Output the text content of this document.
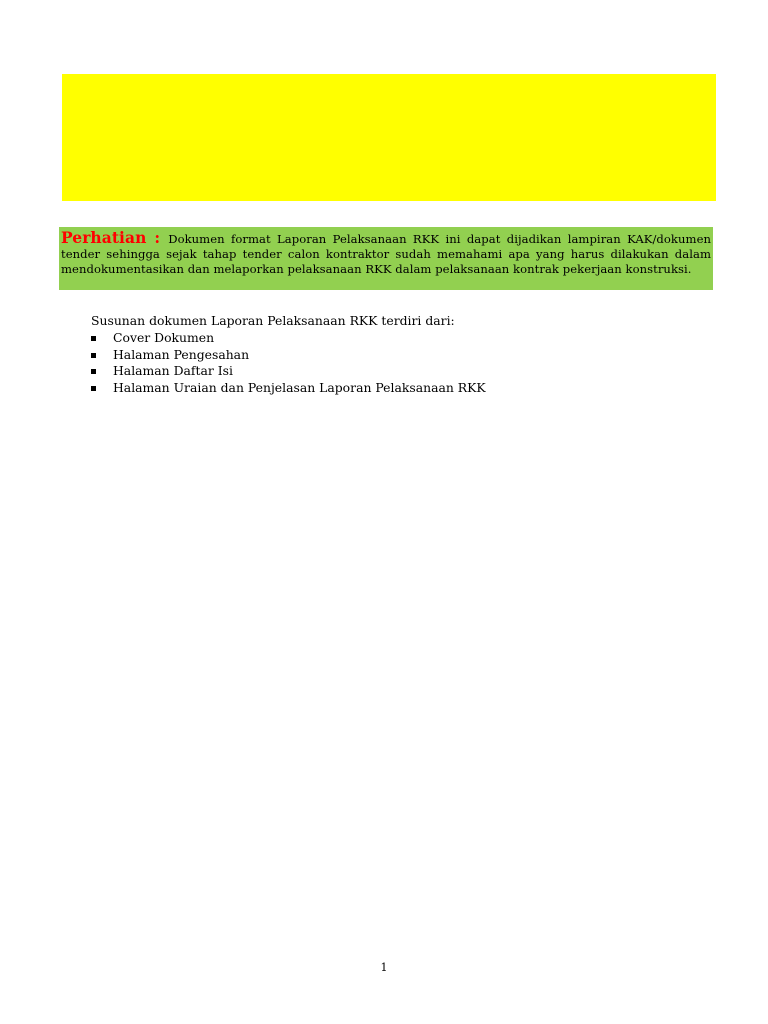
Perhatian : Dokumen format Laporan Pelaksanaan RKK ini dapat dijadikan lampiran KAK/dokumen tender sehingga sejak tahap tender calon kontraktor sudah memahami apa yang harus dilakukan dalam mendokumentasikan dan melaporkan pelaksanaan RKK dalam pelaksanaan kontrak pekerjaan konstruksi.

Susunan dokumen Laporan Pelaksanaan RKK terdiri dari:

Cover Dokumen
Halaman Pengesahan
Halaman Daftar Isi
Halaman Uraian dan Penjelasan Laporan Pelaksanaan RKK
1
